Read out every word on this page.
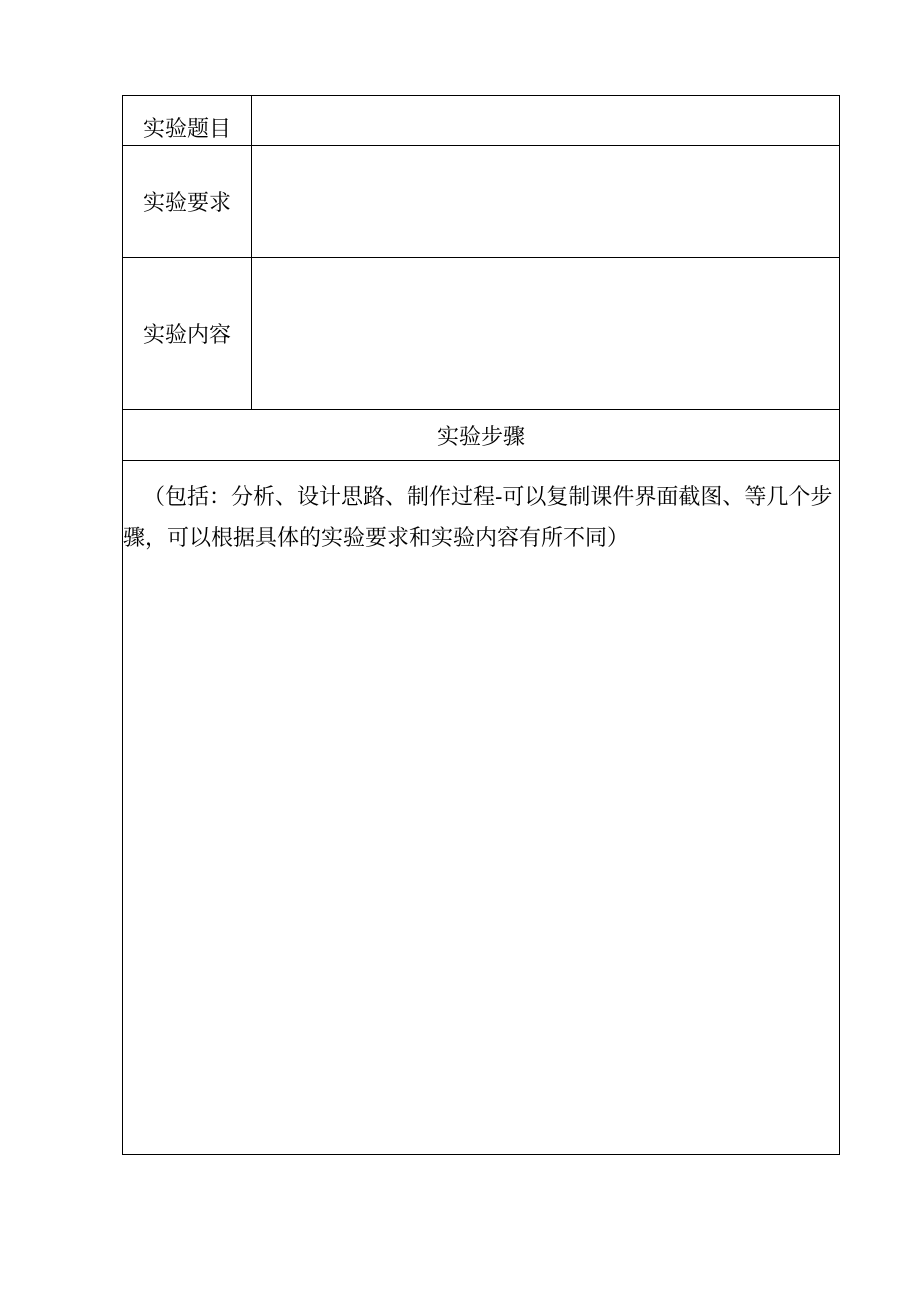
实验题目
实验要求
实验内容
实验步骤
（包括：分析、设计思路、制作过程-可以复制课件界面截图、等几个步骤，可以根据具体的实验要求和实验内容有所不同）
